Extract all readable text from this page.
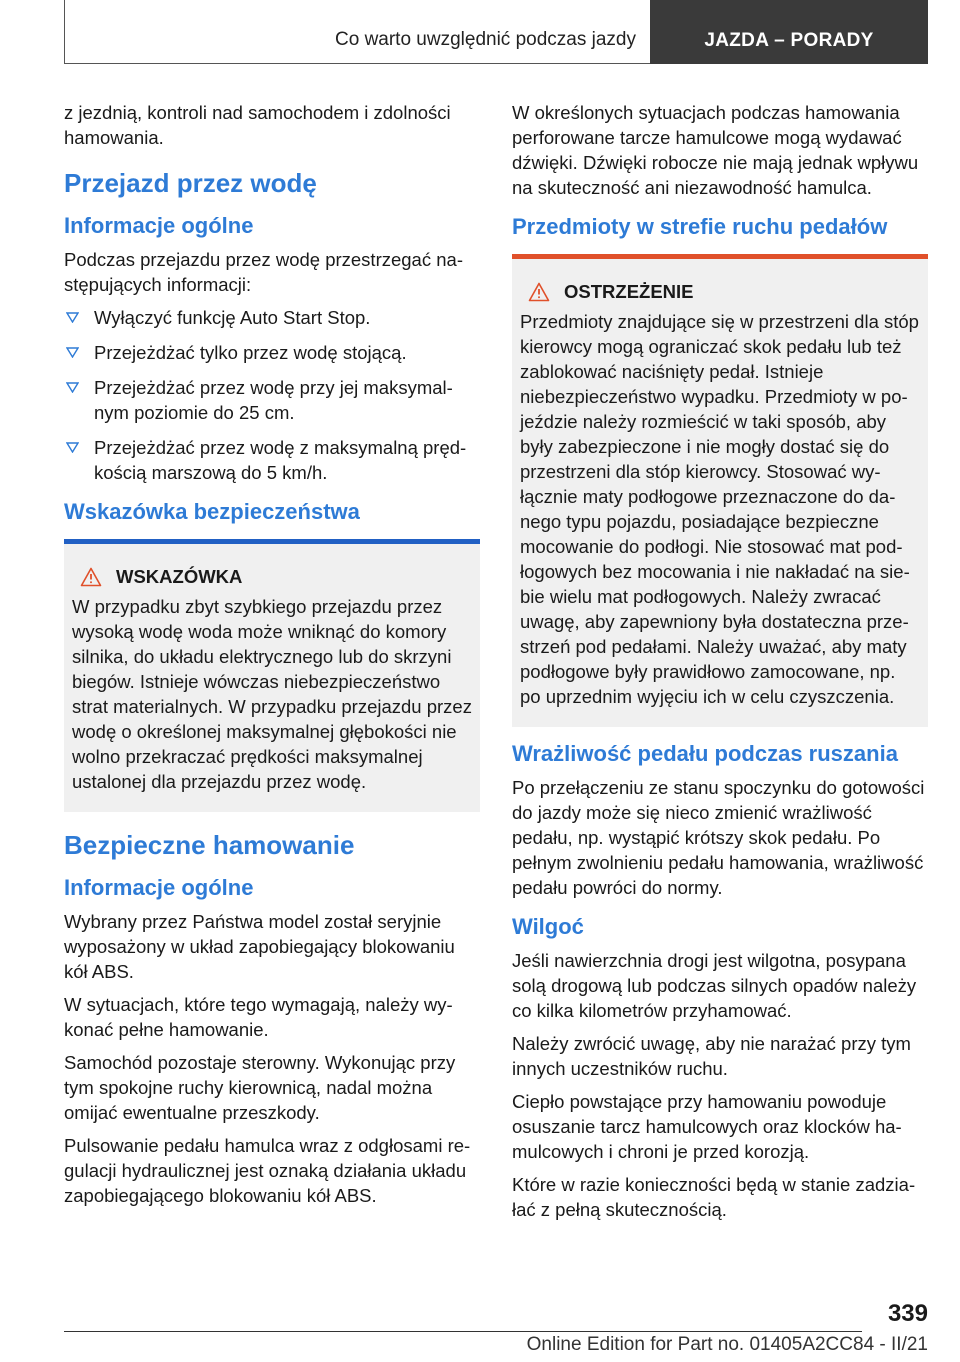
Co warto uwzględnić podczas jazdy	JAZDA – PORADY

z jezdnią, kontroli nad samochodem i zdolności hamowania.

Przejazd przez wodę
Informacje ogólne

Podczas przejazdu przez wodę przestrzegać następujących informacji:

Wyłączyć funkcję Auto Start Stop.
Przejeżdżać tylko przez wodę stojącą.
Przejeżdżać przez wodę przy jej maksymalnym poziomie do 25 cm.
Przejeżdżać przez wodę z maksymalną prędkością marszową do 5 km/h.
Wskazówka bezpieczeństwa
WSKAZÓWKA

W przypadku zbyt szybkiego przejazdu przez wysoką wodę woda może wniknąć do komory silnika, do układu elektrycznego lub do skrzyni biegów. Istnieje wówczas niebezpieczeństwo strat materialnych. W przypadku przejazdu przez wodę o określonej maksymalnej głębokości nie wolno przekraczać prędkości maksymalnej ustalonej dla przejazdu przez wodę.

Bezpieczne hamowanie
Informacje ogólne

Wybrany przez Państwa model został seryjnie wyposażony w układ zapobiegający blokowaniu kół ABS.

W sytuacjach, które tego wymagają, należy wykonać pełne hamowanie.

Samochód pozostaje sterowny. Wykonując przy tym spokojne ruchy kierownicą, nadal można omijać ewentualne przeszkody.

Pulsowanie pedału hamulca wraz z odgłosami regulacji hydraulicznej jest oznaką działania układu zapobiegającego blokowaniu kół ABS.

W określonych sytuacjach podczas hamowania perforowane tarcze hamulcowe mogą wydawać dźwięki. Dźwięki robocze nie mają jednak wpływu na skuteczność ani niezawodność hamulca.

Przedmioty w strefie ruchu pedałów
OSTRZEŻENIE

Przedmioty znajdujące się w przestrzeni dla stóp kierowcy mogą ograniczać skok pedału lub też zablokować naciśnięty pedał. Istnieje niebezpieczeństwo wypadku. Przedmioty w pojeździe należy rozmieścić w taki sposób, aby były zabezpieczone i nie mogły dostać się do przestrzeni dla stóp kierowcy. Stosować wyłącznie maty podłogowe przeznaczone do danego typu pojazdu, posiadające bezpieczne mocowanie do podłogi. Nie stosować mat podłogowych bez mocowania i nie nakładać na siebie wielu mat podłogowych. Należy zwracać uwagę, aby zapewniony była dostateczna przestrzeń pod pedałami. Należy uważać, aby maty podłogowe były prawidłowo zamocowane, np. po uprzednim wyjęciu ich w celu czyszczenia.

Wrażliwość pedału podczas ruszania

Po przełączeniu ze stanu spoczynku do gotowości do jazdy może się nieco zmienić wrażliwość pedału, np. wystąpić krótszy skok pedału. Po pełnym zwolnieniu pedału hamowania, wrażliwość pedału powróci do normy.

Wilgoć

Jeśli nawierzchnia drogi jest wilgotna, posypana solą drogową lub podczas silnych opadów należy co kilka kilometrów przyhamować.

Należy zwrócić uwagę, aby nie narażać przy tym innych uczestników ruchu.

Ciepło powstające przy hamowaniu powoduje osuszanie tarcz hamulcowych oraz klocków hamulcowych i chroni je przed korozją.

Które w razie konieczności będą w stanie zadziałać z pełną skutecznością.

339
Online Edition for Part no. 01405A2CC84 - II/21
